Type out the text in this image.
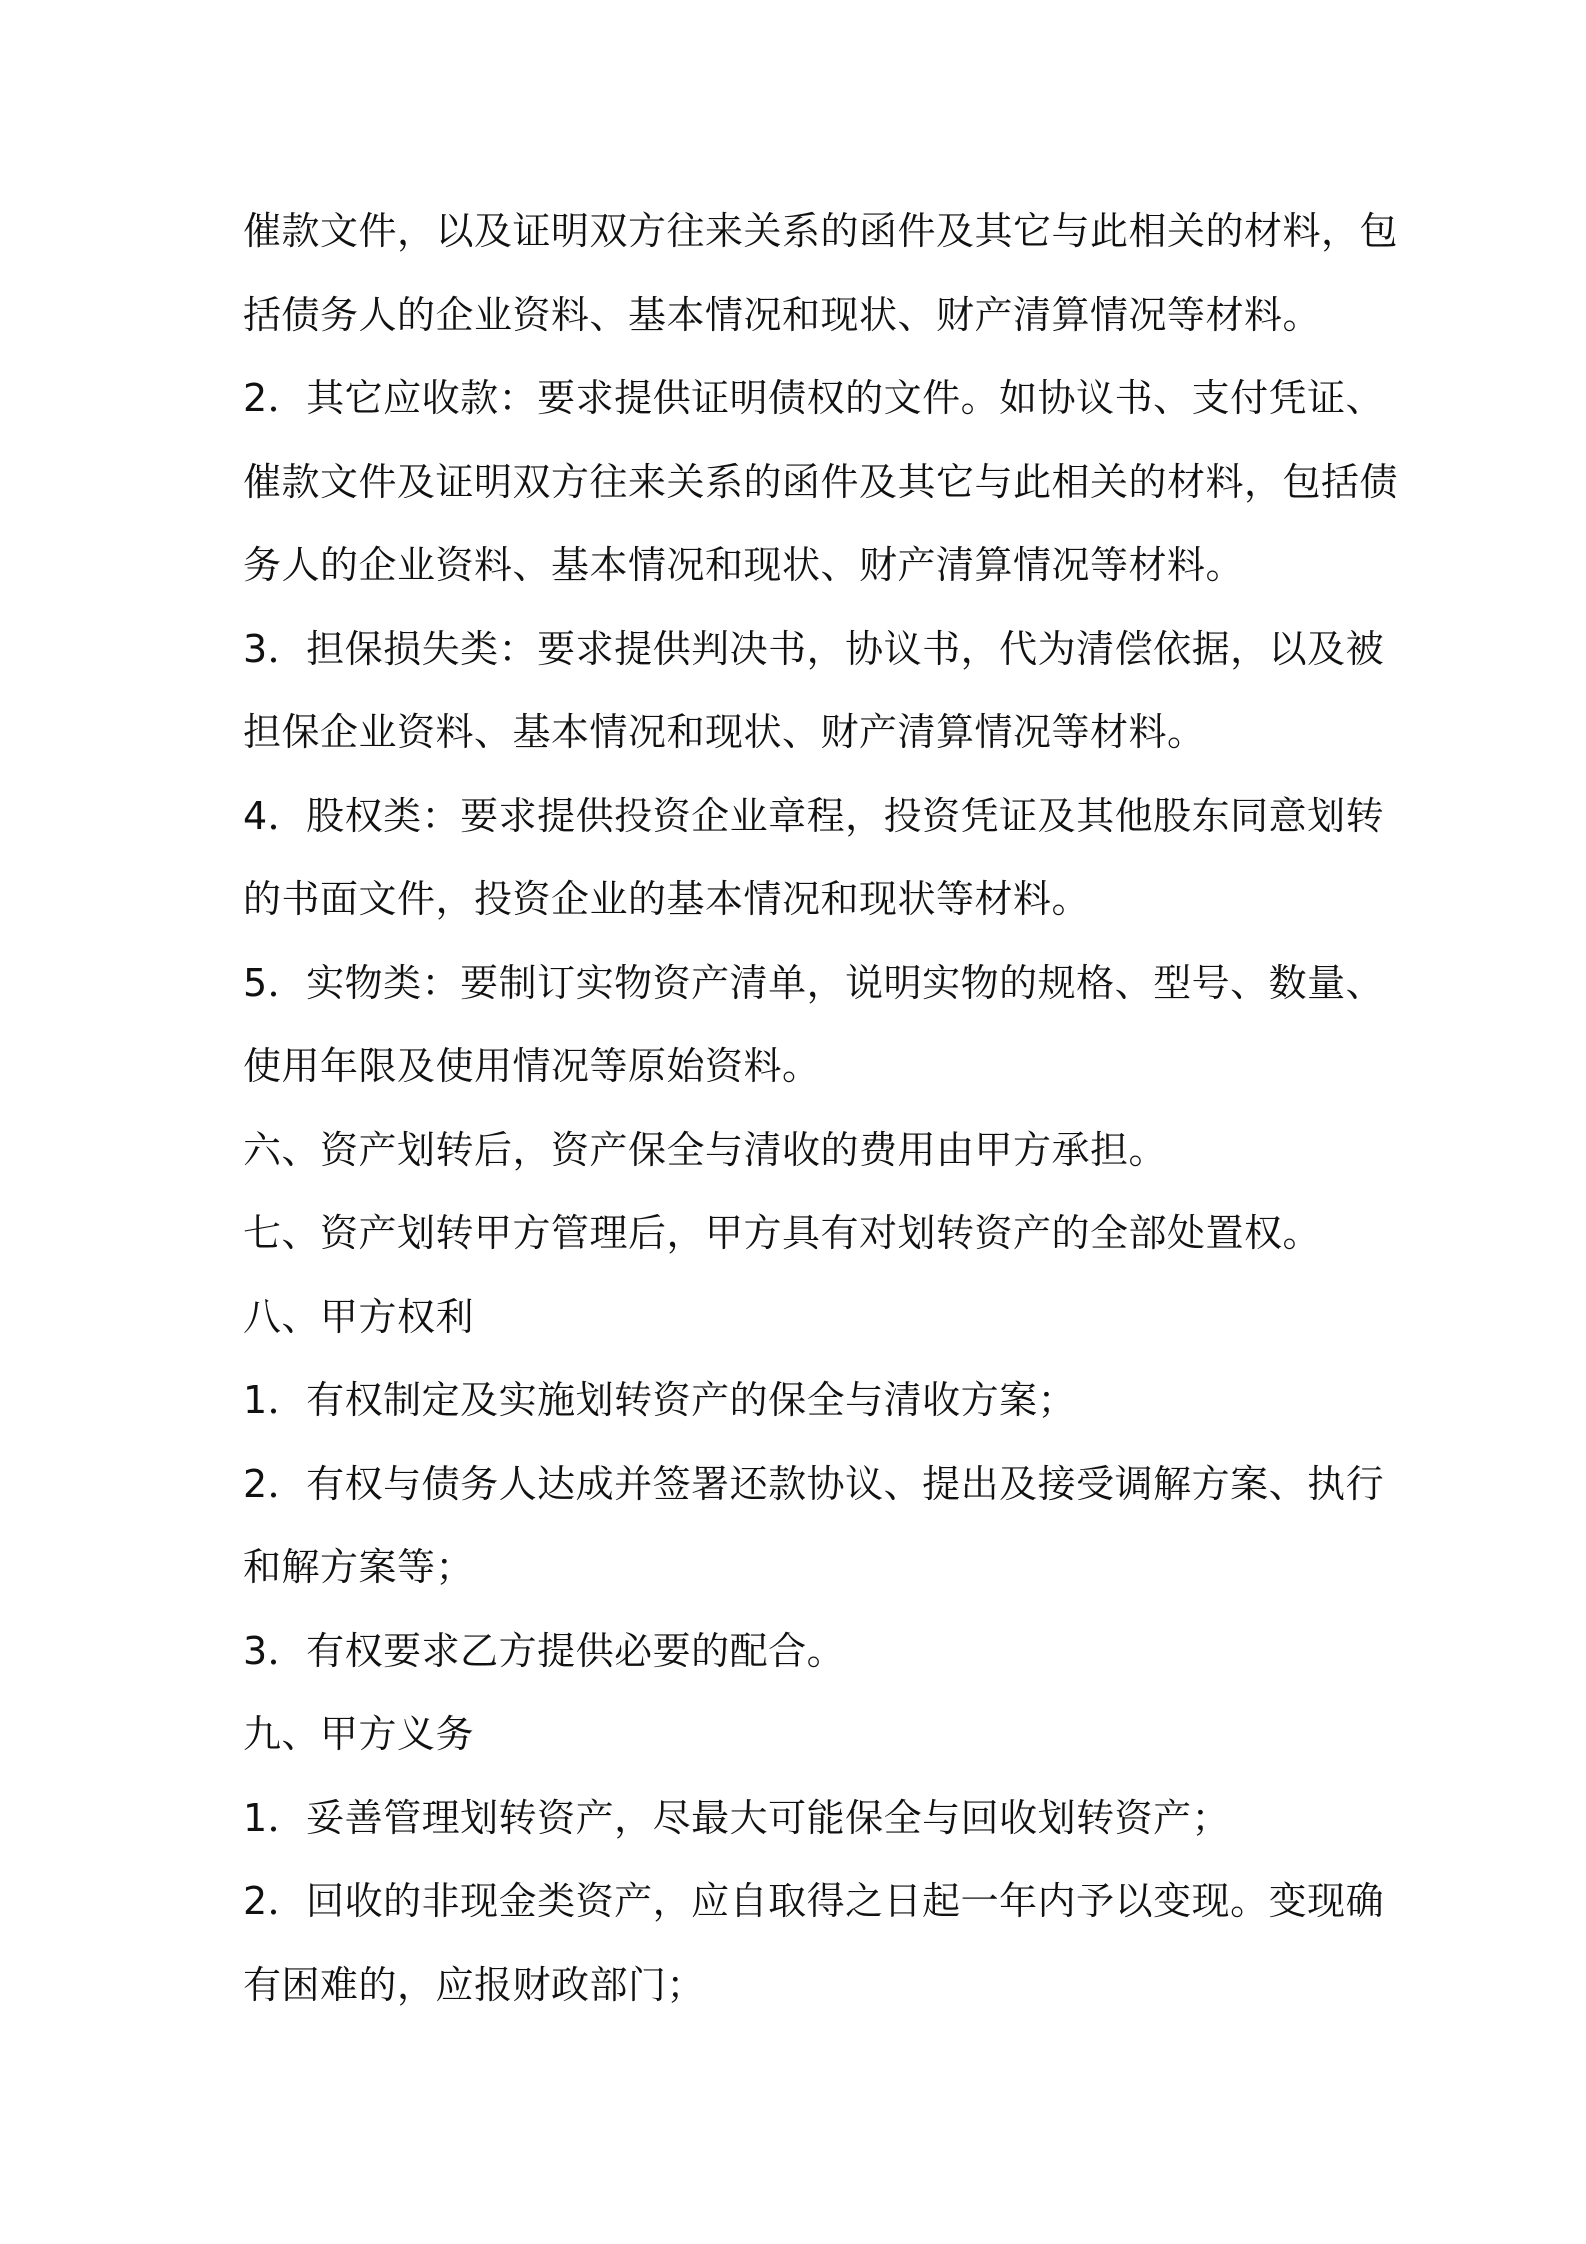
催款文件，以及证明双方往来关系的函件及其它与此相关的材料，包
括债务人的企业资料、基本情况和现状、财产清算情况等材料。
2．其它应收款：要求提供证明债权的文件。如协议书、支付凭证、
催款文件及证明双方往来关系的函件及其它与此相关的材料，包括债
务人的企业资料、基本情况和现状、财产清算情况等材料。
3．担保损失类：要求提供判决书，协议书，代为清偿依据，以及被
担保企业资料、基本情况和现状、财产清算情况等材料。
4．股权类：要求提供投资企业章程，投资凭证及其他股东同意划转
的书面文件，投资企业的基本情况和现状等材料。
5．实物类：要制订实物资产清单，说明实物的规格、型号、数量、
使用年限及使用情况等原始资料。
六、资产划转后，资产保全与清收的费用由甲方承担。
七、资产划转甲方管理后，甲方具有对划转资产的全部处置权。
八、甲方权利
1．有权制定及实施划转资产的保全与清收方案；
2．有权与债务人达成并签署还款协议、提出及接受调解方案、执行
和解方案等；
3．有权要求乙方提供必要的配合。
九、甲方义务
1．妥善管理划转资产，尽最大可能保全与回收划转资产；
2．回收的非现金类资产，应自取得之日起一年内予以变现。变现确
有困难的，应报财政部门；
